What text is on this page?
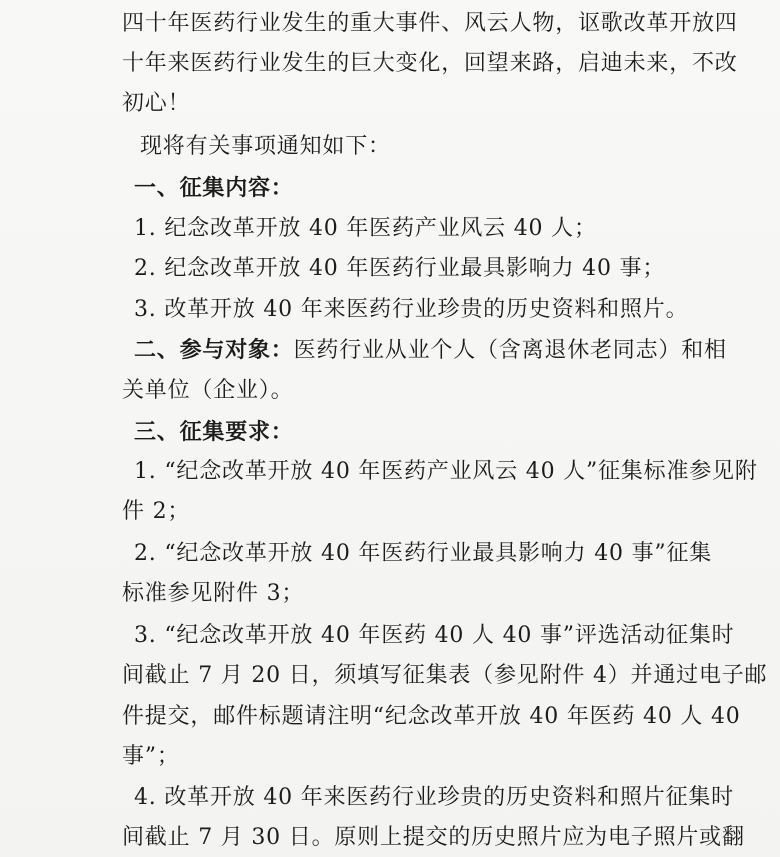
四十年医药行业发生的重大事件、风云人物，讴歌改革开放四
十年来医药行业发生的巨大变化，回望来路，启迪未来，不改
初心！
现将有关事项通知如下：
一、征集内容：
1. 纪念改革开放 40 年医药产业风云 40 人；
2. 纪念改革开放 40 年医药行业最具影响力 40 事；
3. 改革开放 40 年来医药行业珍贵的历史资料和照片。
二、参与对象：医药行业从业个人（含离退休老同志）和相
关单位（企业）。
三、征集要求：
1. “纪念改革开放 40 年医药产业风云 40 人”征集标准参见附
件 2；
2. “纪念改革开放 40 年医药行业最具影响力 40 事”征集
标准参见附件 3；
3. “纪念改革开放 40 年医药 40 人 40 事”评选活动征集时
间截止 7 月 20 日，须填写征集表（参见附件 4）并通过电子邮
件提交，邮件标题请注明“纪念改革开放 40 年医药 40 人 40
事”；
4. 改革开放 40 年来医药行业珍贵的历史资料和照片征集时
间截止 7 月 30 日。原则上提交的历史照片应为电子照片或翻
